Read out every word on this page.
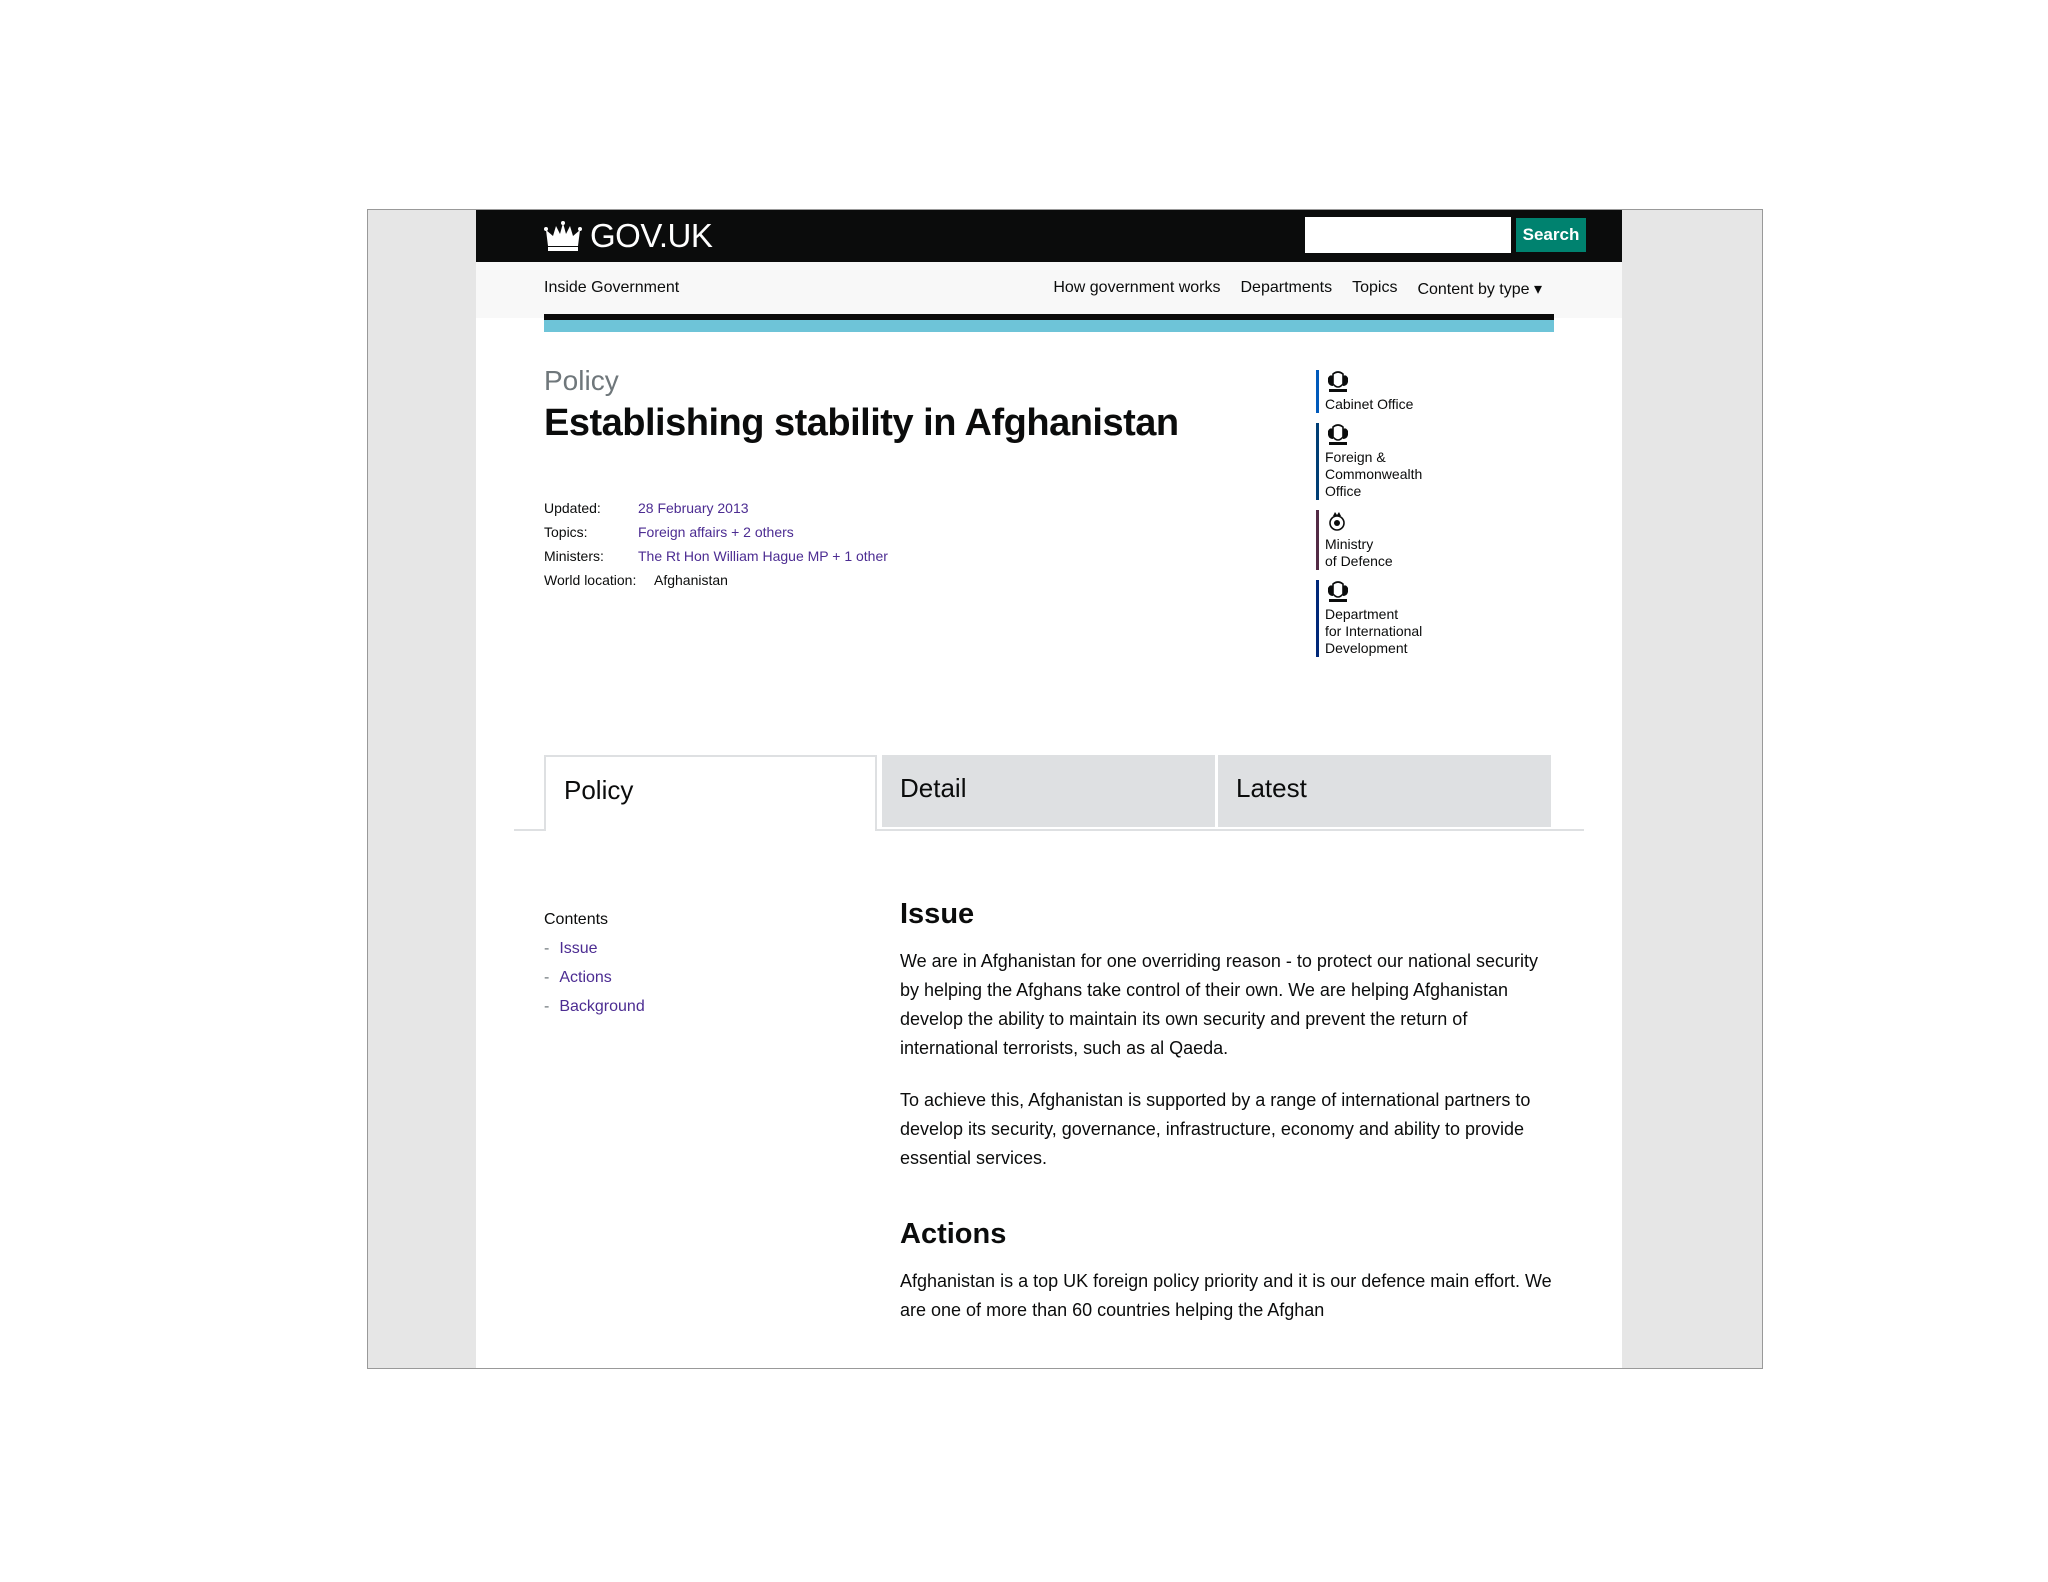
GOV.UK	Search
Inside Government	How government works Departments Topics Content by type ▾
Policy
Establishing stability in Afghanistan
Updated:	28 February 2013
Topics:	Foreign affairs + 2 others
Ministers:	The Rt Hon William Hague MP + 1 other
World location:	Afghanistan
Cabinet Office
Foreign &
Commonwealth
Office
Ministry
of Defence
Department
for International
Development
Policy	Detail	Latest
Contents
- Issue
- Actions
- Background
Issue

We are in Afghanistan for one overriding reason - to protect our national security by helping the Afghans take control of their own. We are helping Afghanistan develop the ability to maintain its own security and prevent the return of international terrorists, such as al Qaeda.

To achieve this, Afghanistan is supported by a range of international partners to develop its security, governance, infrastructure, economy and ability to provide essential services.

Actions

Afghanistan is a top UK foreign policy priority and it is our defence main effort. We are one of more than 60 countries helping the Afghan
